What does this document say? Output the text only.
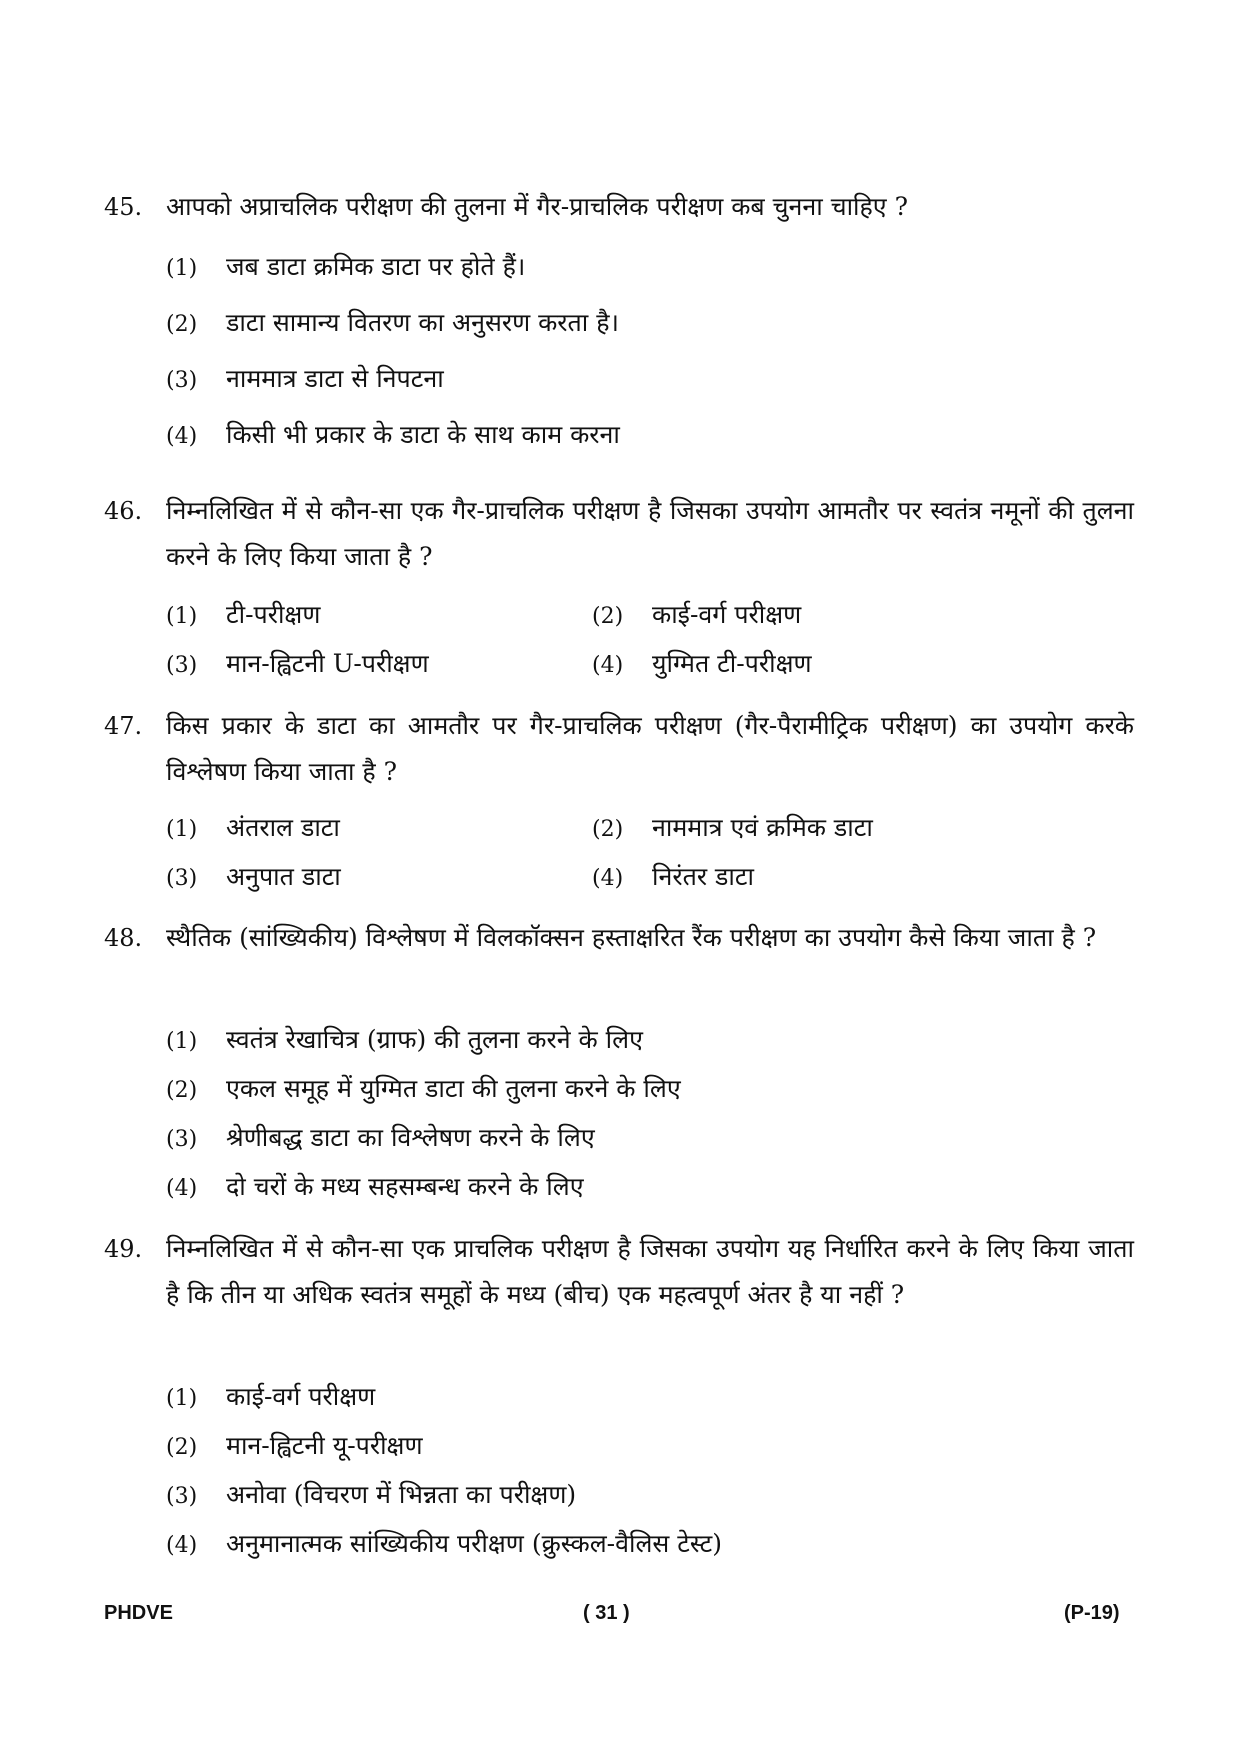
45. आपको अप्राचलिक परीक्षण की तुलना में गैर-प्राचलिक परीक्षण कब चुनना चाहिए ?
(1) जब डाटा क्रमिक डाटा पर होते हैं।
(2) डाटा सामान्य वितरण का अनुसरण करता है।
(3) नाममात्र डाटा से निपटना
(4) किसी भी प्रकार के डाटा के साथ काम करना
46. निम्नलिखित में से कौन-सा एक गैर-प्राचलिक परीक्षण है जिसका उपयोग आमतौर पर स्वतंत्र नमूनों की तुलना करने के लिए किया जाता है ?
(1) टी-परीक्षण	(2) काई-वर्ग परीक्षण
(3) मान-ह्विटनी U-परीक्षण	(4) युग्मित टी-परीक्षण
47. किस प्रकार के डाटा का आमतौर पर गैर-प्राचलिक परीक्षण (गैर-पैरामीट्रिक परीक्षण) का उपयोग करके विश्लेषण किया जाता है ?
(1) अंतराल डाटा	(2) नाममात्र एवं क्रमिक डाटा
(3) अनुपात डाटा	(4) निरंतर डाटा
48. स्थैतिक (सांख्यिकीय) विश्लेषण में विलकॉक्सन हस्ताक्षरित रैंक परीक्षण का उपयोग कैसे किया जाता है ?
(1) स्वतंत्र रेखाचित्र (ग्राफ) की तुलना करने के लिए
(2) एकल समूह में युग्मित डाटा की तुलना करने के लिए
(3) श्रेणीबद्ध डाटा का विश्लेषण करने के लिए
(4) दो चरों के मध्य सहसम्बन्ध करने के लिए
49. निम्नलिखित में से कौन-सा एक प्राचलिक परीक्षण है जिसका उपयोग यह निर्धारित करने के लिए किया जाता है कि तीन या अधिक स्वतंत्र समूहों के मध्य (बीच) एक महत्वपूर्ण अंतर है या नहीं ?
(1) काई-वर्ग परीक्षण
(2) मान-ह्विटनी यू-परीक्षण
(3) अनोवा (विचरण में भिन्नता का परीक्षण)
(4) अनुमानात्मक सांख्यिकीय परीक्षण (क्रुस्कल-वैलिस टेस्ट)
PHDVE	( 31 )	(P-19)
